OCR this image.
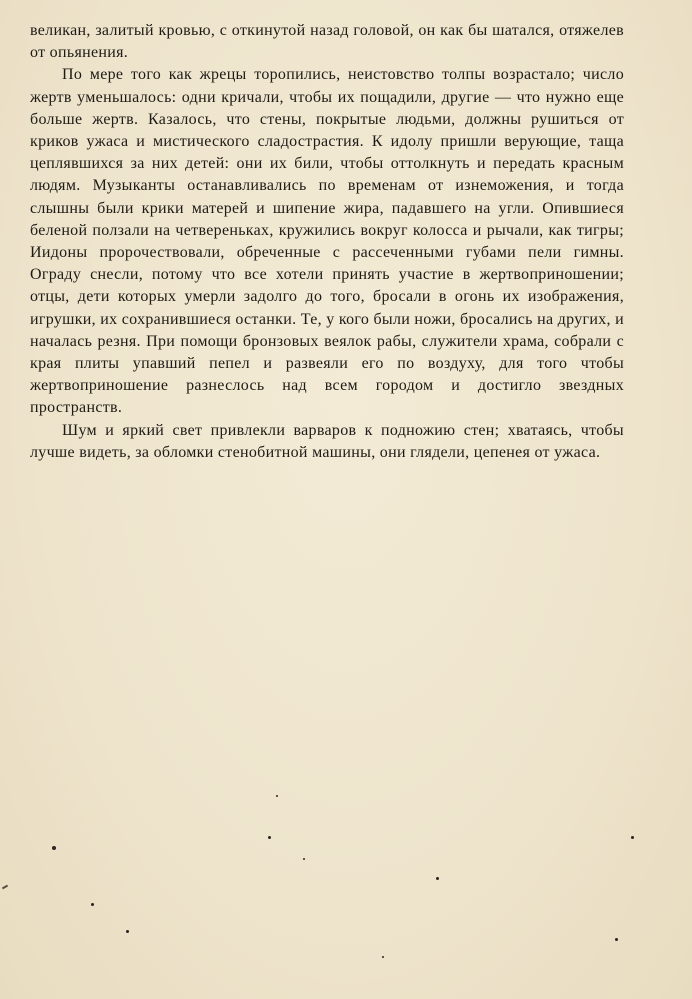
великан, залитый кровью, с откинутой назад головой, он как бы шатался, отяжелев от опьянения.

По мере того как жрецы торопились, неистовство толпы возрастало; число жертв уменьшалось: одни кричали, чтобы их пощадили, другие — что нужно еще больше жертв. Казалось, что стены, покрытые людьми, должны рушиться от криков ужаса и мистического сладострастия. К идолу пришли верующие, таща цеплявшихся за них детей: они их били, чтобы оттолкнуть и передать красным людям. Музыканты останавливались по временам от изнеможения, и тогда слышны были крики матерей и шипение жира, падавшего на угли. Опившиеся беленой ползали на четвереньках, кружились вокруг колосса и рычали, как тигры; Иидоны пророчествовали, обреченные с рассеченными губами пели гимны. Ограду снесли, потому что все хотели принять участие в жертвоприношении; отцы, дети которых умерли задолго до того, бросали в огонь их изображения, игрушки, их сохранившиеся останки. Те, у кого были ножи, бросались на других, и началась резня. При помощи бронзовых веялок рабы, служители храма, собрали с края плиты упавший пепел и развеяли его по воздуху, для того чтобы жертвоприношение разнеслось над всем городом и достигло звездных пространств.

Шум и яркий свет привлекли варваров к подножию стен; хватаясь, чтобы лучше видеть, за обломки стенобитной машины, они глядели, цепенея от ужаса.
